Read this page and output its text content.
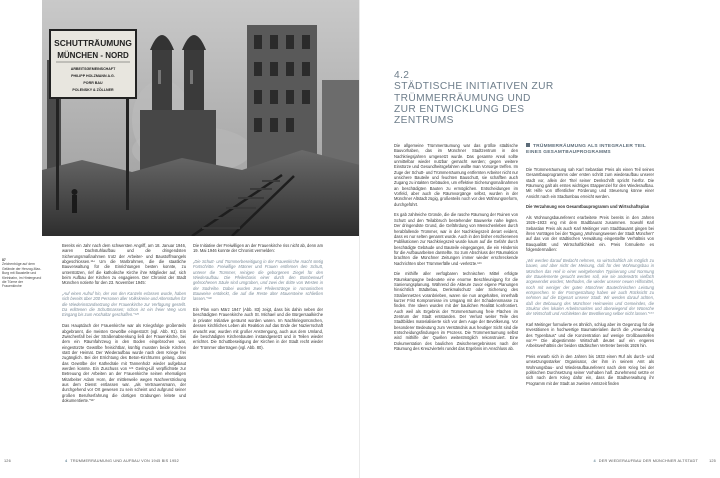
SCHUTTRÄUMUNG
MÜNCHEN - NORD
ARBEITSGEMEINSCHAFT
PHILIPP HOLZMANN A.G.
PORR BAU
POLENSKY & ZÖLLNER
87
Zeichenbüge auf dem Gelände der Herzog-Max-Burg mit Baustelle und Kleinbahn, im Hintergrund die Türme der Frauenkirche

Bereits ein Jahr nach dem schwersten Angriff, am 18. Januar 1946, waren Dachstuhlaufbau und die dringendsten Sicherungsmaßnahmen trotz der Arbeiter- und Baustoffmangels abgeschlossen.¹²⁴ Um die Marbrahmen, die die staatliche Bauverwaltung für die Einrichtungen besten konnte, zu unterstützen, rief die katholische Kirche ihre Mitglieder auf, sich beim Aufbau der Kirchen zu engagieren. Der Chronist der Stadt München notierte für den 23. November 1945:

„Auf einen Aufruf hin, der von den Kanzeln erlassen wurde, haben sich bereits über 200 Personen aller Volkskreise und Altersstufen für die Wiederinstandsetzung der Frauenkirche zur Verfügung gestellt. Da erlittenen die Schuttmassen; schon ist ein freier Weg vom Eingang bis zum Hochaltar geschaffen.“¹²⁵

Das Hauptdach der Frauenkirche war als Kriegsfolge großenteils abgebrannt, die meisten Gewölbe eingestürzt (vgl. Abb. 91). Ein Zwischenfall bei der Straßenabsenkung ließ der Frauenkirche, bei dem ein Räumfahrzeug in den Boden eingebrochen war, eingestürzte Gewölbe freisichtbar, künftig mussten beide Kirchen statt der Heimat. Der Wiederaufbau wurde nach dem Kriege frei zugänglich. Bei der Errichtung des Beton-Kirchturms gelang, dass das Gewölbe der Kathedrale mit Tannenholz wieder aufgebaut werden konnte. Ein Zuschuss von ¹²⁶ Gering-Lill verpflichtete zur Betreuung der Arbeiten an der Frauenkirche seinen ehemaligen Mitarbeiter Adam Horn, der mittlerweile wegen Nachverstrickung aus dem Dienst entlassen war. „als Vertrauensmann, der durchgehend vor Ort gewesen zu sein scheint und aufgrund seiner großen Berufserfahrung die dortigen Grabungen leitete und dokumentierte.“¹²⁷

Die Initiative der Freiwilligen an der Frauenkirche riss nicht ab, denn am 19. Mai 1946 konnte der Chronist vermelden:

„Die Schutt- und Trümmerbeseitigung in der Frauenkirche macht stetig Fortschritte. Freiwillige Männer und Frauen entfernen den Schutt, unterer die Trümmer, reinigen die geborgenen Ziegel für den Wiederaufbau. Die Pfeilerbasis einer durch den Bombenwurf gebrochenen Säule sind umgraben, und zwei der dritte von Westen in der Südreihe. Dabei wurden zwei Pfeilerstränge in romanischen Bauweise entdeckt, die auf die Reste alter Mauersteine schließen lassen.“¹²⁸

Ein Plan vom März 1947 (Abb. 83) zeigt, dass bis dahin neben der beschädigten Frauenkirche auch St. Michael und die Bürgersaalkirche in privater Initiative geräumt worden waren. Im Nachkriegsmünchen, dessen kirchliches Leben als Reaktion auf das Ende der Nazierrschaft erwacht war, wurden mit großer Anstrengung, auch aus dem Umland, die beschädigten Kirchenbauten instandgesetzt und in Teilen wieder errichtet. Die Schuttbeseitigung der Kirchen in der Stadt recht wieder der Trümmer übertragen (vgl. Abb. 80).

126	4 TRÜMMERRÄUMUNG UND AUFBAU VON 1945 BIS 1952
4.2
STÄDTISCHE INITIATIVEN ZUR TRÜMMERRÄUMUNG UND ZUR ENTWICKLUNG DES ZENTRUMS

Die allgemeine Trümmerräumung war das größte städtische Bauvorhaben, das im Münchner Stadtzentrum in den Nachkriegsjahren umgesetzt wurde. Das gesamte Areal sollte unmittelbar wieder nutzbar gemacht werden; gegen weitere Einstürze und Gesundheitsgefahren wollte man Vorsorge treffen. Im Zuge der Schutt- und Trümmerräumung entfernten Arbeiter nicht nur unsichere Bauteile und feuchten Bauschutt, sie schafften auch Zugang zu intakten Gebäuden, um effektive Sicherungsmaßnahmen an beschädigten Bauten zu ermöglichen. Entscheidungen im Vorfeld, aber auch die Räumvorgänge selbst, wurden in der Münchner Altstadt zügig, großenteils noch vor den Währungsreform, durchgeführt.

Es gab zahlreiche Gründe, die die rasche Räumung der Ruinen von Schutt und den Teilabbruch bestehender Bauwerke nahe legten. Der dringendste Grund, die Gefährdung von Menschenleben durch herabfallende Trümmer, war in der Nachkriegszeit derart evident, dass es nur selten genannt wurde. Auch in den bisher erschienenen Publikationen zur Nachkriegszeit wurde kaum auf die Gefahr durch beschädigte Gebäude und Bauteile eingegangen, die ein Hindernis für die Aufbauarbeiten darstellte. So zum Abschluss der Räumaktion brachten die Münchner Zeitungen immer wieder erschreckende Nachrichten über Trümmerfälle und -verletzte.¹²⁹

Die mithilfe aller verfügbaren technischen Mittel erfolgte Räumkampagne bedeutete eine enorme Beschleunigung für die Sanierungsplanung. Während die Akteure zuvor eigene Planungen hinsichtlich Städtebau, Denkmalschutz oder Sicherung des Straßennetzes voranbrieben, waren sie nun angehalten, innerhalb kurzer Frist Kompromisse im Umgang mit der Schadensmasse zu finden. Ihre Ideen wurden mit der baulichen Realität konfrontiert. Auch weil als Ergebnis der Trümmerräumung freie Flächen im Zentrum der Stadt entstanden. Der Verlust weiter Teile des Stadtbildes materialisierte sich vor dem Auge der Bevölkerung. Vor besonderer Bedeutung zum Verständnis aus heutiger Sicht sind die Entscheidungsfindungen im Prozess. Die Trümmerräumung selbst wird mithilfe der Quellen weitestmöglich rekonstruiert. Eine Dokumentation des baulichen Zwischenergebnisses nach der Räumung des Kreuzviertels rundet das Ergebnis im Anschluss ab.

TRÜMMERRÄUMUNG ALS INTEGRALER TEIL EINES GESAMTBAUPROGRAMMS

Die Trümmerräumung sah Karl Sebastian Preis als einen Teil seines Gesamtbauprogramms oder ersten schritt zum wiederaufbau unserer stadt vor, allein der Titel seiner Denkschrift spricht hierfür. Die Räumung galt als erstes wichtiges Etappenziel für den Wiederaufbau. Mit Hilfe von öffentlicher Förderung und Steuerung könne einer Ansicht nach ein Stadtumbau erreicht werden.

Die Verzahnung von Gesamtbauprogramm und Wirtschaftsplan

Als Wohnungsbaureferent erarbeitete Preis bereits in den Jahren 1926–1933 eng mit dem Stadtbaurat zusammen. Sowohl Karl Sebastian Preis als auch Karl Meitinger vom Stadtbauamt gingen bei ihren Vorträgen bei der Tagung „Wohnungswesen der Stadt München“ auf das von der städtischen Verwaltung eingestellte Verhältnis von Bauqualität und Wirtschaftlichkeit ein. Preis formulierte es folgendermaßen:

„Wir werden darauf Bedacht nehmen, so wirtschaftlich als möglich zu bauen, und aber nicht der Meinung, daß für den Wohnungsbau in München das Heil in einer weitgehenden Typisierung und Normung der Bauelemente gesucht werden soll, wie sie anderwärts vielfach angewendet worden; Methoden, die wieder unserer neuen Hilfsmittel, noch mit weniger der guten Münchner Bautechnischen Leistung entsprechen. In der Formgestaltung haben wir auch Rücksicht zu nehmen auf die Eigenart unserer Stadt. Wir werden darauf achten, daß der Bebauung des Münchner Heimweins und Gemeindes, die Struktur des lokalen Arbeitsmarktes und überwiegend der Wünsche der Wirtschaft und Architekten der Bevölkerung selber nicht lassen.“¹³⁰

Karl Meitinger formulierte es ähnlich, schlug aber im Gegenzug für die Investitionen in hochwertige Baumaterialien durch die „Anwendung des Typenbaus“ und die Konzentration auf wenige Großbaustellen vor.¹³¹ Die abgestimmte Wirtschaft deutet auf ein engeres Arbeitsverhältnis der beiden städtischen Vertreter bereits 1926 hin.

Preis erwarb sich in den Jahren bis 1933 einen Ruf als durch- und umsetzungsstarker Organisator, der ihm in seinem Amt als Wohnungsbau- und Wiederaufbaureferent nach dem Krieg bei der politischen Durchsetzung seiner Vorhaben half. Zunehmend setzte er sich nach dem Krieg dafür ein, dass die Stadtverwaltung ihr Programm mit der Stadt an zweiten Amtszeit finden

4 DER WIEDERAUFBAU DER MÜNCHNER ALTSTADT	125
